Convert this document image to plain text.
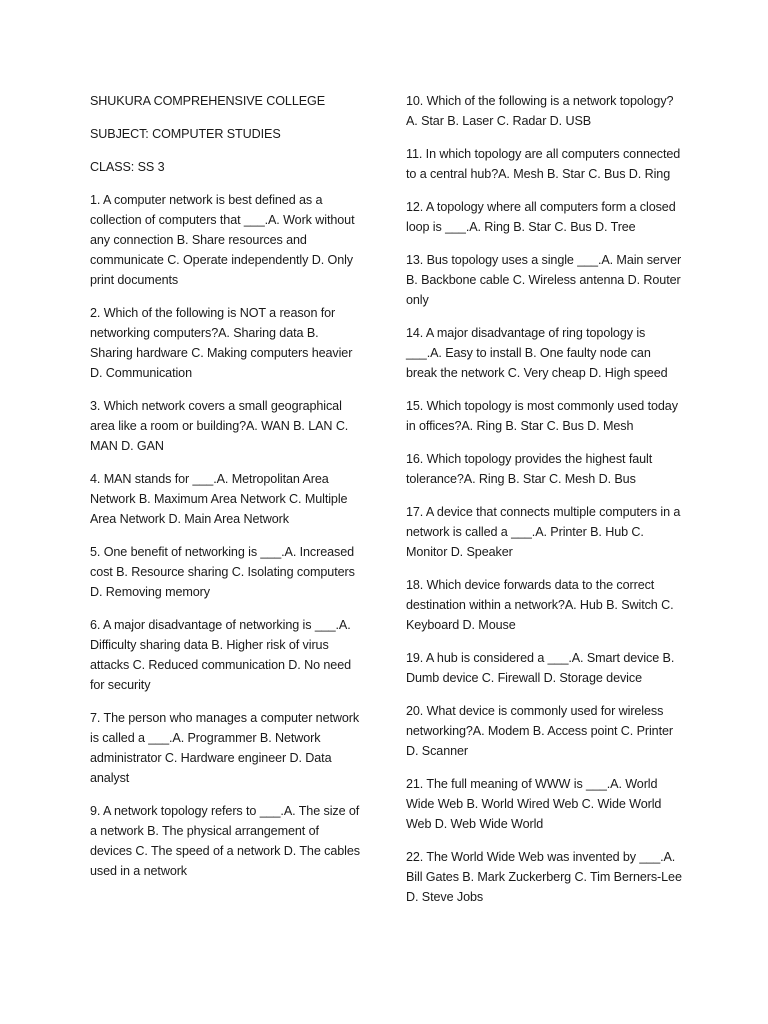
SHUKURA COMPREHENSIVE COLLEGE

SUBJECT: COMPUTER STUDIES

CLASS: SS 3

1. A computer network is best defined as a collection of computers that ___.A. Work without any connection B. Share resources and communicate C. Operate independently D. Only print documents

2. Which of the following is NOT a reason for networking computers?A. Sharing data B. Sharing hardware C. Making computers heavier D. Communication

3. Which network covers a small geographical area like a room or building?A. WAN B. LAN C. MAN D. GAN

4. MAN stands for ___.A. Metropolitan Area Network B. Maximum Area Network C. Multiple Area Network D. Main Area Network

5. One benefit of networking is ___.A. Increased cost B. Resource sharing C. Isolating computers D. Removing memory

6. A major disadvantage of networking is ___.A. Difficulty sharing data B. Higher risk of virus attacks C. Reduced communication D. No need for security

7. The person who manages a computer network is called a ___.A. Programmer B. Network administrator C. Hardware engineer D. Data analyst

9. A network topology refers to ___.A. The size of a network B. The physical arrangement of devices C. The speed of a network D. The cables used in a network

10. Which of the following is a network topology?A. Star B. Laser C. Radar D. USB

11. In which topology are all computers connected to a central hub?A. Mesh B. Star C. Bus D. Ring

12. A topology where all computers form a closed loop is ___.A. Ring B. Star C. Bus D. Tree

13. Bus topology uses a single ___.A. Main server B. Backbone cable C. Wireless antenna D. Router only

14. A major disadvantage of ring topology is ___.A. Easy to install B. One faulty node can break the network C. Very cheap D. High speed

15. Which topology is most commonly used today in offices?A. Ring B. Star C. Bus D. Mesh

16. Which topology provides the highest fault tolerance?A. Ring B. Star C. Mesh D. Bus

17. A device that connects multiple computers in a network is called a ___.A. Printer B. Hub C. Monitor D. Speaker

18. Which device forwards data to the correct destination within a network?A. Hub B. Switch C. Keyboard D. Mouse

19. A hub is considered a ___.A. Smart device B. Dumb device C. Firewall D. Storage device

20. What device is commonly used for wireless networking?A. Modem B. Access point C. Printer D. Scanner

21. The full meaning of WWW is ___.A. World Wide Web B. World Wired Web C. Wide World Web D. Web Wide World

22. The World Wide Web was invented by ___.A. Bill Gates B. Mark Zuckerberg C. Tim Berners-Lee D. Steve Jobs
